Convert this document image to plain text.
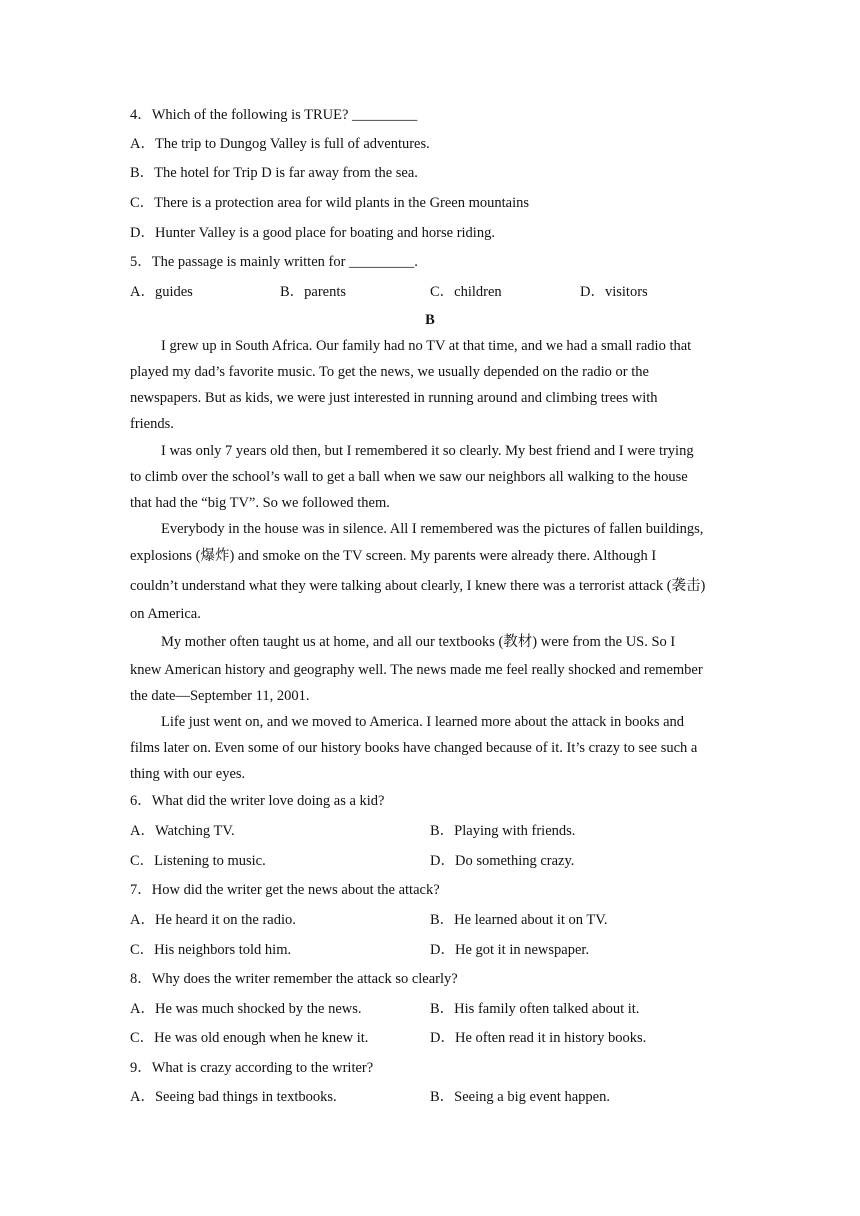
4．Which of the following is TRUE? _________
A．The trip to Dungog Valley is full of adventures.
B．The hotel for Trip D is far away from the sea.
C．There is a protection area for wild plants in the Green mountains
D．Hunter Valley is a good place for boating and horse riding.
5．The passage is mainly written for _________.
A．guides	B．parents	C．children	D．visitors
B
I grew up in South Africa. Our family had no TV at that time, and we had a small radio that
played my dad’s favorite music. To get the news, we usually depended on the radio or the
newspapers. But as kids, we were just interested in running around and climbing trees with
friends.
I was only 7 years old then, but I remembered it so clearly. My best friend and I were trying
to climb over the school’s wall to get a ball when we saw our neighbors all walking to the house
that had the “big TV”. So we followed them.
Everybody in the house was in silence. All I remembered was the pictures of fallen buildings,
explosions (爆炸) and smoke on the TV screen. My parents were already there. Although I
couldn’t understand what they were talking about clearly, I knew there was a terrorist attack (袭击)
on America.
My mother often taught us at home, and all our textbooks (教材) were from the US. So I
knew American history and geography well. The news made me feel really shocked and remember
the date—September 11, 2001.
Life just went on, and we moved to America. I learned more about the attack in books and
films later on. Even some of our history books have changed because of it. It’s crazy to see such a
thing with our eyes.
6．What did the writer love doing as a kid?
A．Watching TV.	B．Playing with friends.
C．Listening to music.	D．Do something crazy.
7．How did the writer get the news about the attack?
A．He heard it on the radio.	B．He learned about it on TV.
C．His neighbors told him.	D．He got it in newspaper.
8．Why does the writer remember the attack so clearly?
A．He was much shocked by the news.	B．His family often talked about it.
C．He was old enough when he knew it.	D．He often read it in history books.
9．What is crazy according to the writer?
A．Seeing bad things in textbooks.	B．Seeing a big event happen.
